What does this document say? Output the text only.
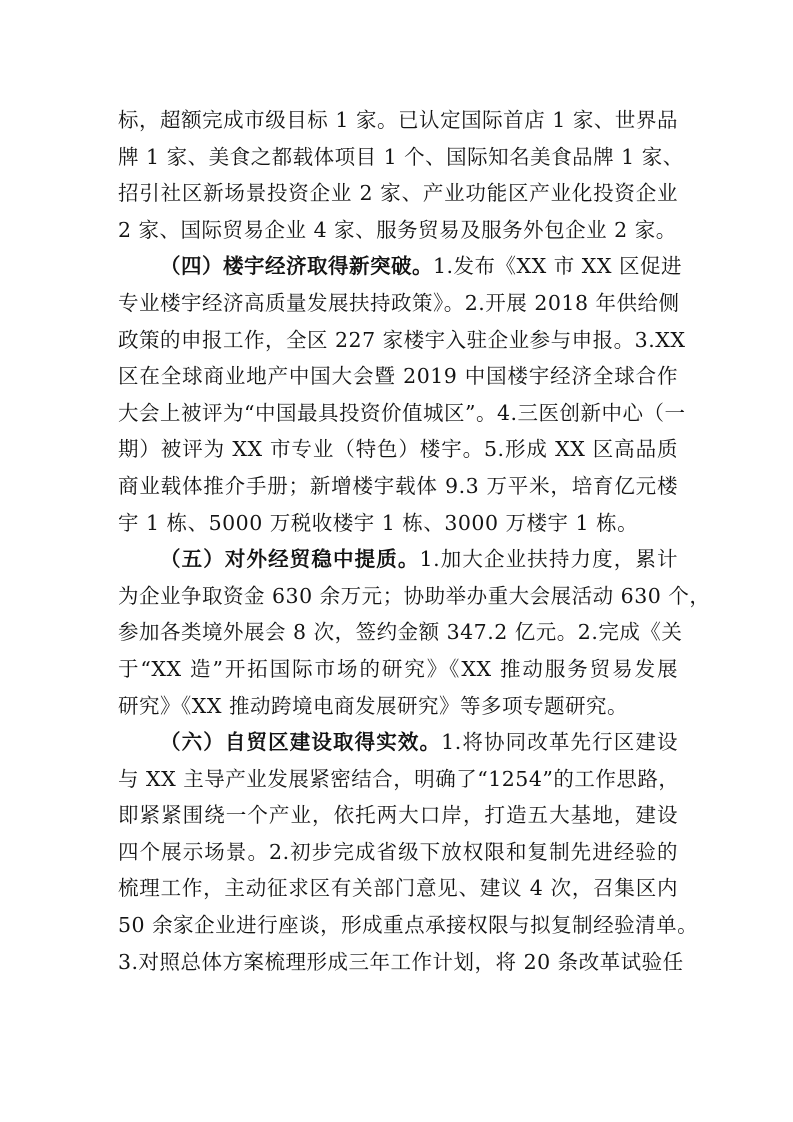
标，超额完成市级目标 1 家。已认定国际首店 1 家、世界品
牌 1 家、美食之都载体项目 1 个、国际知名美食品牌 1 家、
招引社区新场景投资企业 2 家、产业功能区产业化投资企业
2 家、国际贸易企业 4 家、服务贸易及服务外包企业 2 家。
（四）楼宇经济取得新突破。1.发布《XX 市 XX 区促进
专业楼宇经济高质量发展扶持政策》。2.开展 2018 年供给侧
政策的申报工作，全区 227 家楼宇入驻企业参与申报。3.XX
区在全球商业地产中国大会暨 2019 中国楼宇经济全球合作
大会上被评为“中国最具投资价值城区”。4.三医创新中心（一
期）被评为 XX 市专业（特色）楼宇。5.形成 XX 区高品质
商业载体推介手册；新增楼宇载体 9.3 万平米，培育亿元楼
宇 1 栋、5000 万税收楼宇 1 栋、3000 万楼宇 1 栋。
（五）对外经贸稳中提质。1.加大企业扶持力度，累计
为企业争取资金 630 余万元；协助举办重大会展活动 630 个，
参加各类境外展会 8 次，签约金额 347.2 亿元。2.完成《关
于“XX 造”开拓国际市场的研究》《XX 推动服务贸易发展
研究》《XX 推动跨境电商发展研究》等多项专题研究。
（六）自贸区建设取得实效。1.将协同改革先行区建设
与 XX 主导产业发展紧密结合，明确了“1254”的工作思路，
即紧紧围绕一个产业，依托两大口岸，打造五大基地，建设
四个展示场景。2.初步完成省级下放权限和复制先进经验的
梳理工作，主动征求区有关部门意见、建议 4 次，召集区内
50 余家企业进行座谈，形成重点承接权限与拟复制经验清单。
3.对照总体方案梳理形成三年工作计划，将 20 条改革试验任
